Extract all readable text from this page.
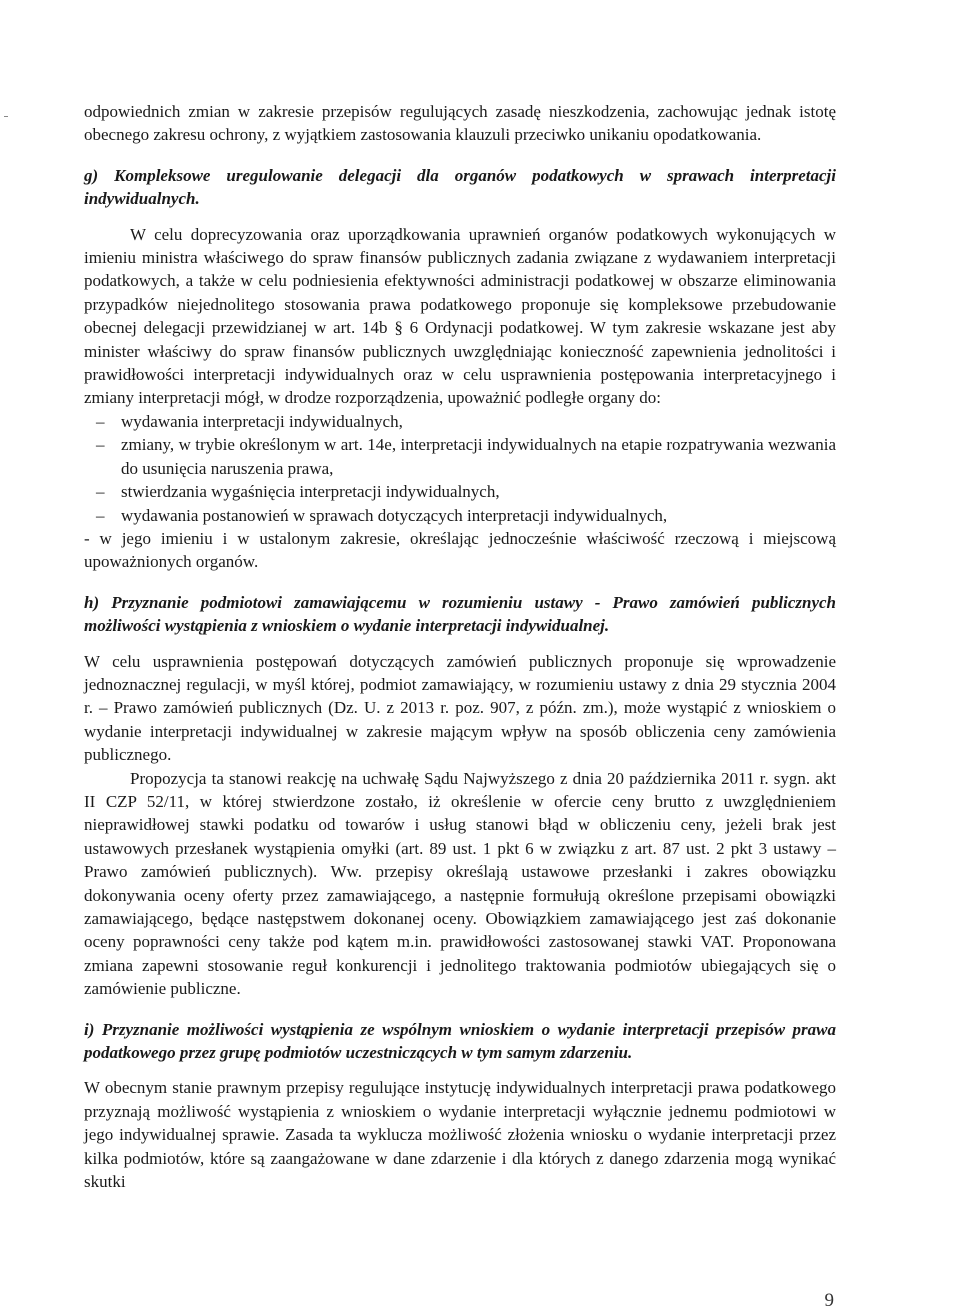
odpowiednich zmian w zakresie przepisów regulujących zasadę nieszkodzenia, zachowując jednak istotę obecnego zakresu ochrony, z wyjątkiem zastosowania klauzuli przeciwko unikaniu opodatkowania.

g) Kompleksowe uregulowanie delegacji dla organów podatkowych w sprawach interpretacji indywidualnych.

W celu doprecyzowania oraz uporządkowania uprawnień organów podatkowych wykonujących w imieniu ministra właściwego do spraw finansów publicznych zadania związane z wydawaniem interpretacji podatkowych, a także w celu podniesienia efektywności administracji podatkowej w obszarze eliminowania przypadków niejednolitego stosowania prawa podatkowego proponuje się kompleksowe przebudowanie obecnej delegacji przewidzianej w art. 14b § 6 Ordynacji podatkowej. W tym zakresie wskazane jest aby minister właściwy do spraw finansów publicznych uwzględniając konieczność zapewnienia jednolitości i prawidłowości interpretacji indywidualnych oraz w celu usprawnienia postępowania interpretacyjnego i zmiany interpretacji mógł, w drodze rozporządzenia, upoważnić podległe organy do:

– wydawania interpretacji indywidualnych,
– zmiany, w trybie określonym w art. 14e, interpretacji indywidualnych na etapie rozpatrywania wezwania do usunięcia naruszenia prawa,
– stwierdzania wygaśnięcia interpretacji indywidualnych,
– wydawania postanowień w sprawach dotyczących interpretacji indywidualnych,

- w jego imieniu i w ustalonym zakresie, określając jednocześnie właściwość rzeczową i miejscową upoważnionych organów.

h) Przyznanie podmiotowi zamawiającemu w rozumieniu ustawy - Prawo zamówień publicznych możliwości wystąpienia z wnioskiem o wydanie interpretacji indywidualnej.

W celu usprawnienia postępowań dotyczących zamówień publicznych proponuje się wprowadzenie jednoznacznej regulacji, w myśl której, podmiot zamawiający, w rozumieniu ustawy z dnia 29 stycznia 2004 r. – Prawo zamówień publicznych (Dz. U. z 2013 r. poz. 907, z późn. zm.), może wystąpić z wnioskiem o wydanie interpretacji indywidualnej w zakresie mającym wpływ na sposób obliczenia ceny zamówienia publicznego.

Propozycja ta stanowi reakcję na uchwałę Sądu Najwyższego z dnia 20 października 2011 r. sygn. akt II CZP 52/11, w której stwierdzone zostało, iż określenie w ofercie ceny brutto z uwzględnieniem nieprawidłowej stawki podatku od towarów i usług stanowi błąd w obliczeniu ceny, jeżeli brak jest ustawowych przesłanek wystąpienia omyłki (art. 89 ust. 1 pkt 6 w związku z art. 87 ust. 2 pkt 3 ustawy – Prawo zamówień publicznych). Ww. przepisy określają ustawowe przesłanki i zakres obowiązku dokonywania oceny oferty przez zamawiającego, a następnie formułują określone przepisami obowiązki zamawiającego, będące następstwem dokonanej oceny. Obowiązkiem zamawiającego jest zaś dokonanie oceny poprawności ceny także pod kątem m.in. prawidłowości zastosowanej stawki VAT. Proponowana zmiana zapewni stosowanie reguł konkurencji i jednolitego traktowania podmiotów ubiegających się o zamówienie publiczne.

i) Przyznanie możliwości wystąpienia ze wspólnym wnioskiem o wydanie interpretacji przepisów prawa podatkowego przez grupę podmiotów uczestniczących w tym samym zdarzeniu.

W obecnym stanie prawnym przepisy regulujące instytucję indywidualnych interpretacji prawa podatkowego przyznają możliwość wystąpienia z wnioskiem o wydanie interpretacji wyłącznie jednemu podmiotowi w jego indywidualnej sprawie. Zasada ta wyklucza możliwość złożenia wniosku o wydanie interpretacji przez kilka podmiotów, które są zaangażowane w dane zdarzenie i dla których z danego zdarzenia mogą wynikać skutki

9
